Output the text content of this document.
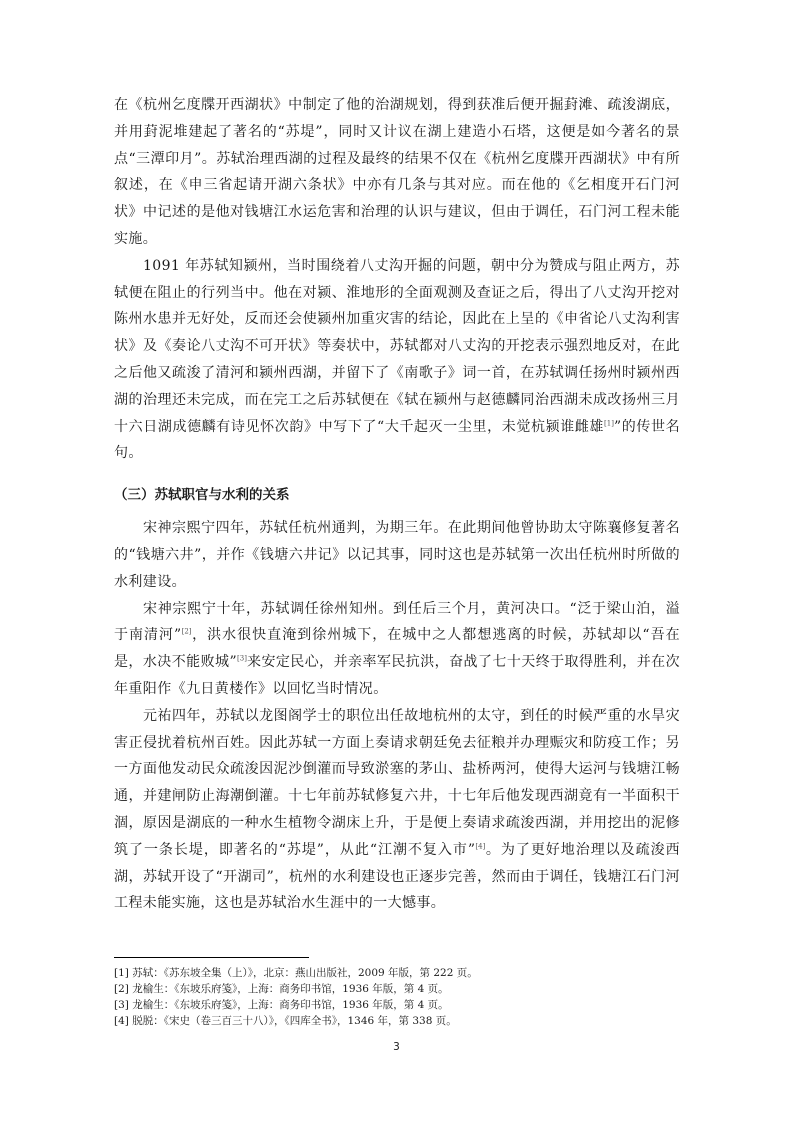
在《杭州乞度牒开西湖状》中制定了他的治湖规划，得到获准后便开掘葑滩、疏浚湖底，并用葑泥堆建起了著名的“苏堤”，同时又计议在湖上建造小石塔，这便是如今著名的景点“三潭印月”。苏轼治理西湖的过程及最终的结果不仅在《杭州乞度牒开西湖状》中有所叙述，在《申三省起请开湖六条状》中亦有几条与其对应。而在他的《乞相度开石门河状》中记述的是他对钱塘江水运危害和治理的认识与建议，但由于调任，石门河工程未能实施。

1091 年苏轼知颍州，当时围绕着八丈沟开掘的问题，朝中分为赞成与阻止两方，苏轼便在阻止的行列当中。他在对颍、淮地形的全面观测及查证之后，得出了八丈沟开挖对陈州水患并无好处，反而还会使颍州加重灾害的结论，因此在上呈的《申省论八丈沟利害状》及《奏论八丈沟不可开状》等奏状中，苏轼都对八丈沟的开挖表示强烈地反对，在此之后他又疏浚了清河和颍州西湖，并留下了《南歌子》词一首，在苏轼调任扬州时颍州西湖的治理还未完成，而在完工之后苏轼便在《轼在颍州与赵德麟同治西湖未成改扬州三月十六日湖成德麟有诗见怀次韵》中写下了“大千起灭一尘里，未觉杭颍谁雌雄[1]”的传世名句。

（三）苏轼职官与水利的关系

宋神宗熙宁四年，苏轼任杭州通判，为期三年。在此期间他曾协助太守陈襄修复著名的“钱塘六井”，并作《钱塘六井记》以记其事，同时这也是苏轼第一次出任杭州时所做的水利建设。

宋神宗熙宁十年，苏轼调任徐州知州。到任后三个月，黄河决口。“泛于梁山泊，溢于南清河”[2]，洪水很快直淹到徐州城下，在城中之人都想逃离的时候，苏轼却以“吾在是，水决不能败城”[3]来安定民心，并亲率军民抗洪，奋战了七十天终于取得胜利，并在次年重阳作《九日黄楼作》以回忆当时情况。

元祐四年，苏轼以龙图阁学士的职位出任故地杭州的太守，到任的时候严重的水旱灾害正侵扰着杭州百姓。因此苏轼一方面上奏请求朝廷免去征粮并办理赈灾和防疫工作；另一方面他发动民众疏浚因泥沙倒灌而导致淤塞的茅山、盐桥两河，使得大运河与钱塘江畅通，并建闸防止海潮倒灌。十七年前苏轼修复六井，十七年后他发现西湖竟有一半面积干涸，原因是湖底的一种水生植物令湖床上升，于是便上奏请求疏浚西湖，并用挖出的泥修筑了一条长堤，即著名的“苏堤”，从此“江潮不复入市”[4]。为了更好地治理以及疏浚西湖，苏轼开设了“开湖司”，杭州的水利建设也正逐步完善，然而由于调任，钱塘江石门河工程未能实施，这也是苏轼治水生涯中的一大憾事。

[1] 苏轼：《苏东坡全集（上）》，北京：燕山出版社，2009 年版，第 222 页。

[2] 龙榆生：《东坡乐府笺》，上海：商务印书馆，1936 年版，第 4 页。

[3] 龙榆生：《东坡乐府笺》，上海：商务印书馆，1936 年版，第 4 页。

[4] 脱脱：《宋史（卷三百三十八）》，《四库全书》，1346 年，第 338 页。

3
